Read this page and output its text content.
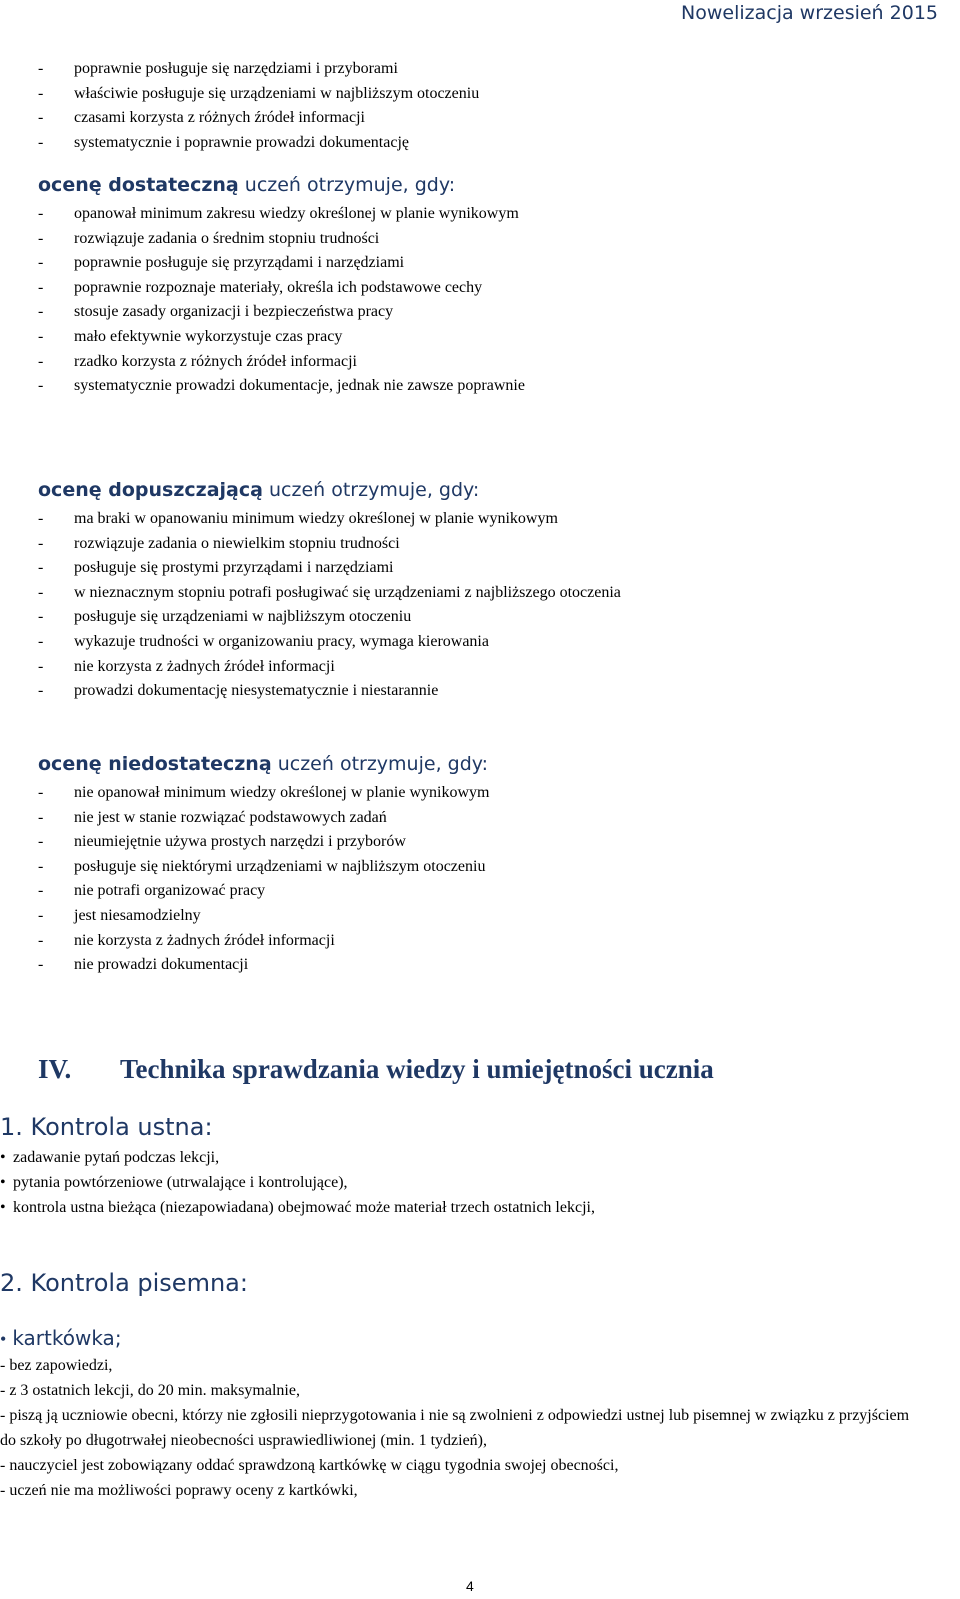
Nowelizacja wrzesień 2015
- poprawnie posługuje się narzędziami i przyborami
- właściwie posługuje się urządzeniami w najbliższym otoczeniu
- czasami korzysta z różnych źródeł informacji
- systematycznie i poprawnie prowadzi dokumentację
ocenę dostateczną uczeń otrzymuje, gdy:
- opanował minimum zakresu wiedzy określonej w planie wynikowym
- rozwiązuje zadania o średnim stopniu trudności
- poprawnie posługuje się przyrządami i narzędziami
- poprawnie rozpoznaje materiały, określa ich podstawowe cechy
- stosuje zasady organizacji i bezpieczeństwa pracy
- mało efektywnie wykorzystuje czas pracy
- rzadko korzysta z różnych źródeł informacji
- systematycznie prowadzi dokumentacje, jednak nie zawsze poprawnie
ocenę dopuszczającą uczeń otrzymuje, gdy:
- ma braki w opanowaniu minimum wiedzy określonej w planie wynikowym
- rozwiązuje zadania o niewielkim stopniu trudności
- posługuje się prostymi przyrządami i narzędziami
- w nieznacznym stopniu potrafi posługiwać się urządzeniami z najbliższego otoczenia
- posługuje się urządzeniami w najbliższym otoczeniu
- wykazuje trudności w organizowaniu pracy, wymaga kierowania
- nie korzysta z żadnych źródeł informacji
- prowadzi dokumentację niesystematycznie i niestarannie
ocenę niedostateczną uczeń otrzymuje, gdy:
- nie opanował minimum wiedzy określonej w planie wynikowym
- nie jest w stanie rozwiązać podstawowych zadań
- nieumiejętnie używa prostych narzędzi i przyborów
- posługuje się niektórymi urządzeniami w najbliższym otoczeniu
- nie potrafi organizować pracy
- jest niesamodzielny
- nie korzysta z żadnych źródeł informacji
- nie prowadzi dokumentacji
IV. Technika sprawdzania wiedzy i umiejętności ucznia
1. Kontrola ustna:
• zadawanie pytań podczas lekcji,
• pytania powtórzeniowe (utrwalające i kontrolujące),
• kontrola ustna bieżąca (niezapowiadana) obejmować może materiał trzech ostatnich lekcji,
2. Kontrola pisemna:
• kartkówka;

- bez zapowiedzi,

- z 3 ostatnich lekcji, do 20 min. maksymalnie,

- piszą ją uczniowie obecni, którzy nie zgłosili nieprzygotowania i nie są zwolnieni z odpowiedzi ustnej lub pisemnej w związku z przyjściem do szkoły po długotrwałej nieobecności usprawiedliwionej (min. 1 tydzień),

- nauczyciel jest zobowiązany oddać sprawdzoną kartkówkę w ciągu tygodnia swojej obecności,

- uczeń nie ma możliwości poprawy oceny z kartkówki,

4
